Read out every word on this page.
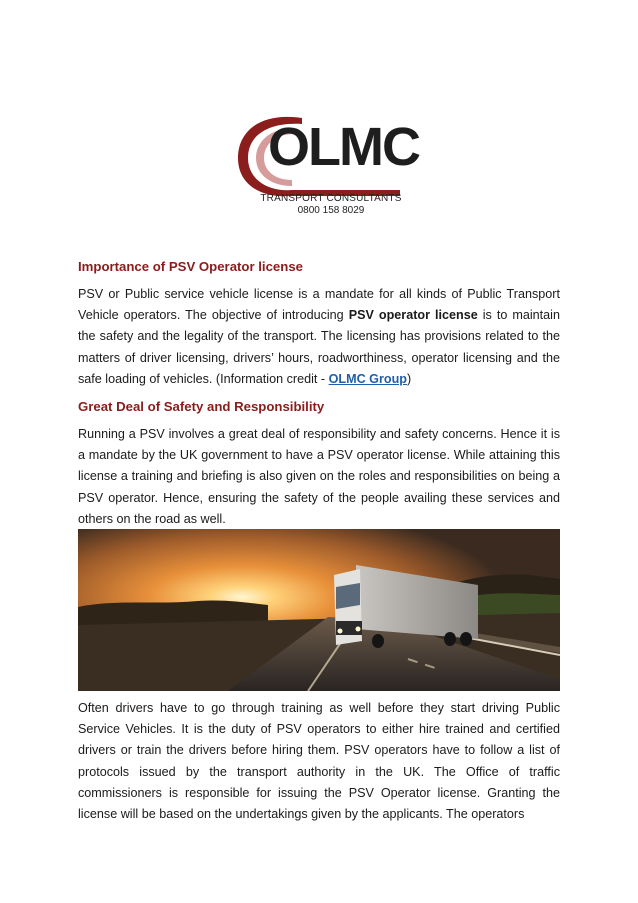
OLMC
TRANSPORT CONSULTANTS
0800 158 8029
Importance of PSV Operator license

PSV or Public service vehicle license is a mandate for all kinds of Public Transport Vehicle operators. The objective of introducing PSV operator license is to maintain the safety and the legality of the transport. The licensing has provisions related to the matters of driver licensing, drivers’ hours, roadworthiness, operator licensing and the safe loading of vehicles. (Information credit - OLMC Group)

Great Deal of Safety and Responsibility

Running a PSV involves a great deal of responsibility and safety concerns. Hence it is a mandate by the UK government to have a PSV operator license. While attaining this license a training and briefing is also given on the roles and responsibilities on being a PSV operator. Hence, ensuring the safety of the people availing these services and others on the road as well.

Often drivers have to go through training as well before they start driving Public Service Vehicles. It is the duty of PSV operators to either hire trained and certified drivers or train the drivers before hiring them. PSV operators have to follow a list of protocols issued by the transport authority in the UK. The Office of traffic commissioners is responsible for issuing the PSV Operator license. Granting the license will be based on the undertakings given by the applicants. The operators
